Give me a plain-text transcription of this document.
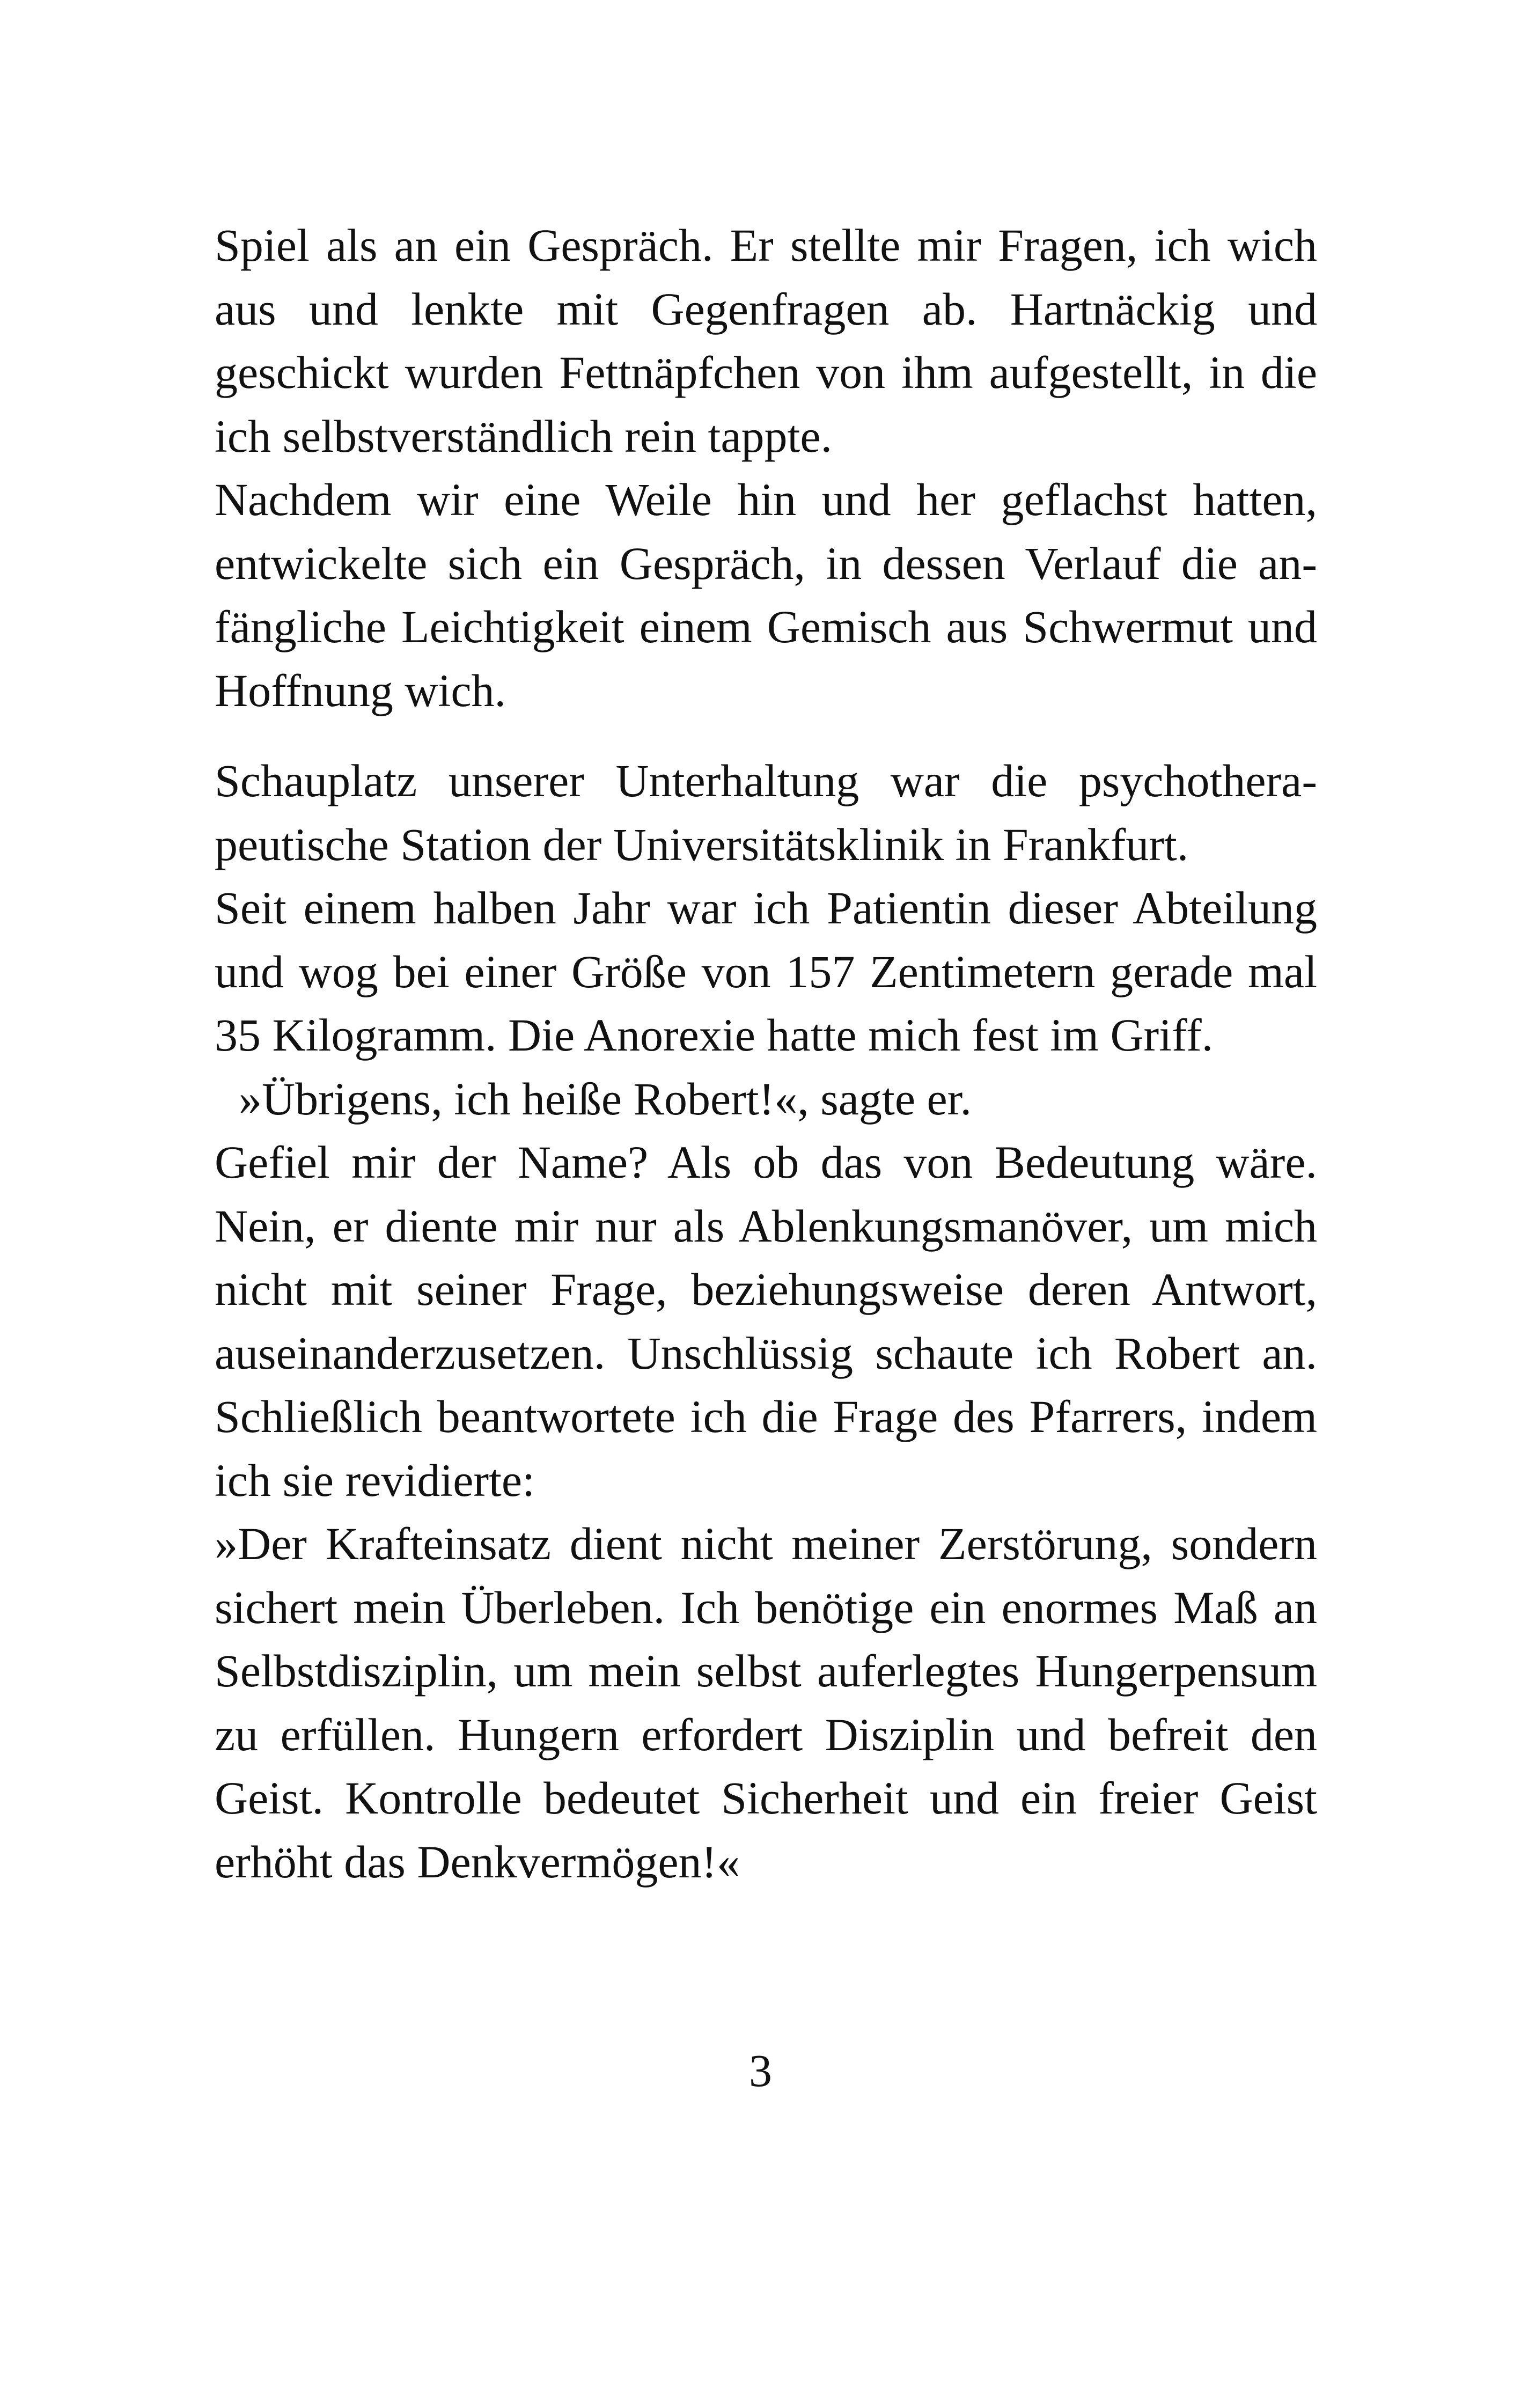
Spiel als an ein Gespräch. Er stellte mir Fragen, ich wich aus und lenkte mit Gegenfragen ab. Hartnäckig und geschickt wurden Fettnäpfchen von ihm aufgestellt, in die ich selbstverständlich rein tappte.

Nachdem wir eine Weile hin und her geflachst hatten, entwickelte sich ein Gespräch, in dessen Verlauf die anfängliche Leichtigkeit einem Gemisch aus Schwermut und Hoffnung wich.

Schauplatz unserer Unterhaltung war die psychotherapeutische Station der Universitätsklinik in Frankfurt.

Seit einem halben Jahr war ich Patientin dieser Abteilung und wog bei einer Größe von 157 Zentimetern gerade mal 35 Kilogramm. Die Anorexie hatte mich fest im Griff.

»Übrigens, ich heiße Robert!«, sagte er.

Gefiel mir der Name? Als ob das von Bedeutung wäre. Nein, er diente mir nur als Ablenkungsmanöver, um mich nicht mit seiner Frage, beziehungsweise deren Antwort, auseinanderzusetzen. Unschlüssig schaute ich Robert an. Schließlich beantwortete ich die Frage des Pfarrers, indem ich sie revidierte:

»Der Krafteinsatz dient nicht meiner Zerstörung, sondern sichert mein Überleben. Ich benötige ein enormes Maß an Selbstdisziplin, um mein selbst auferlegtes Hungerpensum zu erfüllen. Hungern erfordert Disziplin und befreit den Geist. Kontrolle bedeutet Sicherheit und ein freier Geist erhöht das Denkvermögen!«

3
